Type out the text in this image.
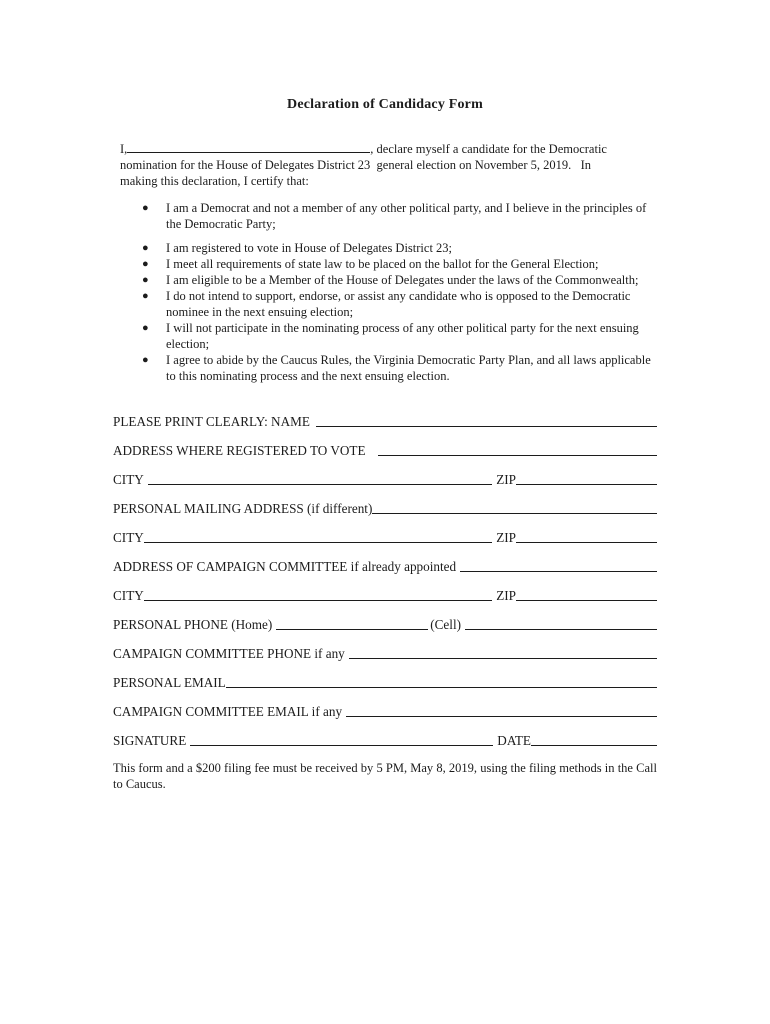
Declaration of Candidacy Form
I,	, declare myself a candidate for the Democratic
nomination for the House of Delegates District 23  general election on November 5, 2019.   In
making this declaration, I certify that:
● I am a Democrat and not a member of any other political party, and I believe in the principles of the Democratic Party;
● I am registered to vote in House of Delegates District 23;
● I meet all requirements of state law to be placed on the ballot for the General Election;
● I am eligible to be a Member of the House of Delegates under the laws of the Commonwealth;
● I do not intend to support, endorse, or assist any candidate who is opposed to the Democratic nominee in the next ensuing election;
● I will not participate in the nominating process of any other political party for the next ensuing election;
● I agree to abide by the Caucus Rules, the Virginia Democratic Party Plan, and all laws applicable to this nominating process and the next ensuing election.
PLEASE PRINT CLEARLY: NAME
ADDRESS WHERE REGISTERED TO VOTE
CITY	ZIP
PERSONAL MAILING ADDRESS (if different)
CITY	ZIP
ADDRESS OF CAMPAIGN COMMITTEE if already appointed
CITY	ZIP
PERSONAL PHONE (Home)	(Cell)
CAMPAIGN COMMITTEE PHONE if any
PERSONAL EMAIL
CAMPAIGN COMMITTEE EMAIL if any
SIGNATURE	DATE
This form and a $200 filing fee must be received by 5 PM, May 8, 2019, using the filing methods in the Call to Caucus.
